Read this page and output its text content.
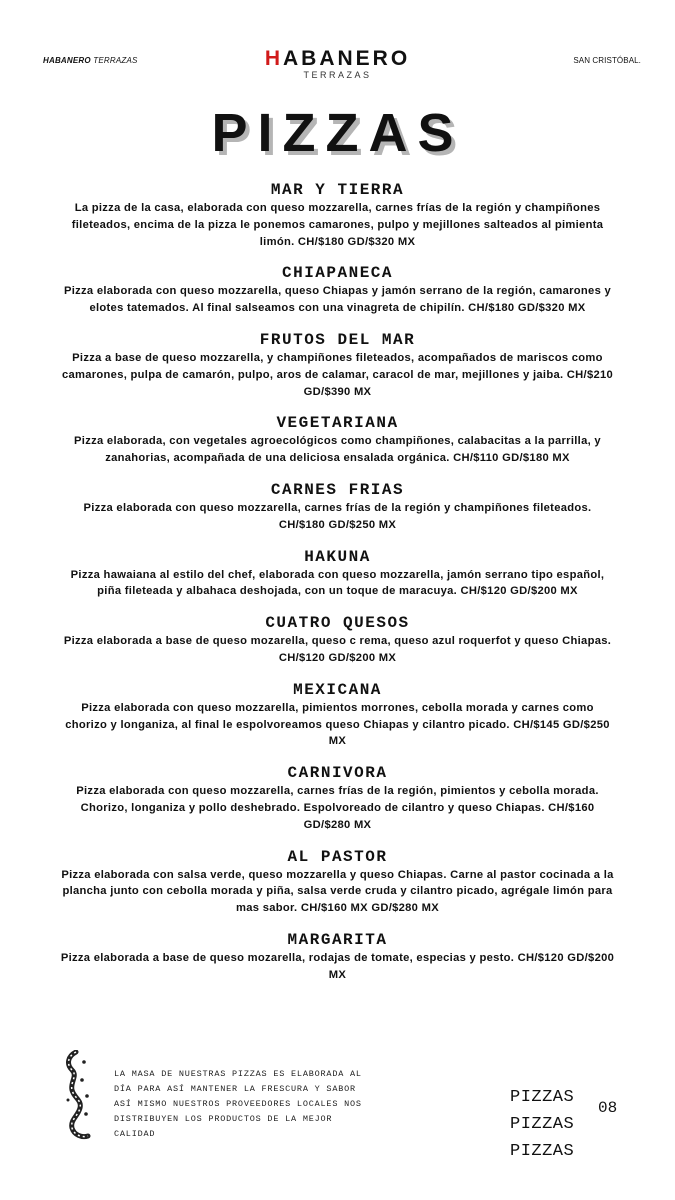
HABANERO TERRAZAS	HABANERO
TERRAZAS
SAN CRISTÓBAL.
PIZZAS
MAR Y TIERRA
La pizza de la casa, elaborada con queso mozzarella, carnes frías de la región y champiñones fileteados, encima de la pizza le ponemos camarones, pulpo y mejillones salteados al pimienta limón. CH/$180 GD/$320 MX
CHIAPANECA
Pizza elaborada con queso mozzarella, queso Chiapas y jamón serrano de la región, camarones y elotes tatemados. Al final salseamos con una vinagreta de chipilín. CH/$180 GD/$320 MX
FRUTOS DEL MAR
Pizza a base de queso mozzarella, y champiñones fileteados, acompañados de mariscos como camarones, pulpa de camarón, pulpo, aros de calamar, caracol de mar, mejillones y jaiba. CH/$210 GD/$390 MX
VEGETARIANA
Pizza elaborada, con vegetales agroecológicos como champiñones, calabacitas a la parrilla, y zanahorias, acompañada de una deliciosa ensalada orgánica. CH/$110 GD/$180 MX
CARNES FRIAS
Pizza elaborada con queso mozzarella, carnes frías de la región y champiñones fileteados. CH/$180 GD/$250 MX
HAKUNA
Pizza hawaiana al estilo del chef, elaborada con queso mozzarella, jamón serrano tipo español, piña fileteada y albahaca deshojada, con un toque de maracuya. CH/$120 GD/$200 MX
CUATRO QUESOS
Pizza elaborada a base de queso mozarella, queso c rema, queso azul roquerfot y queso Chiapas. CH/$120 GD/$200 MX
MEXICANA
Pizza elaborada con queso mozzarella, pimientos morrones, cebolla morada y carnes como chorizo y longaniza, al final le espolvoreamos queso Chiapas y cilantro picado. CH/$145 GD/$250 MX
CARNIVORA
Pizza elaborada con queso mozzarella, carnes frías de la región, pimientos y cebolla morada. Chorizo, longaniza y pollo deshebrado. Espolvoreado de cilantro y queso Chiapas. CH/$160 GD/$280 MX
AL PASTOR
Pizza elaborada con salsa verde, queso mozzarella y queso Chiapas. Carne al pastor cocinada a la plancha junto con cebolla morada y piña, salsa verde cruda y cilantro picado, agrégale limón para mas sabor. CH/$160 MX GD/$280 MX
MARGARITA
Pizza elaborada a base de queso mozarella, rodajas de tomate, especias y pesto. CH/$120 GD/$200 MX
LA MASA DE NUESTRAS PIZZAS ES ELABORADA AL
DÍA PARA ASÍ MANTENER LA FRESCURA Y SABOR
ASÍ MISMO NUESTROS PROVEEDORES LOCALES NOS
DISTRIBUYEN LOS PRODUCTOS DE LA MEJOR
CALIDAD
PIZZAS
PIZZAS
PIZZAS
08
